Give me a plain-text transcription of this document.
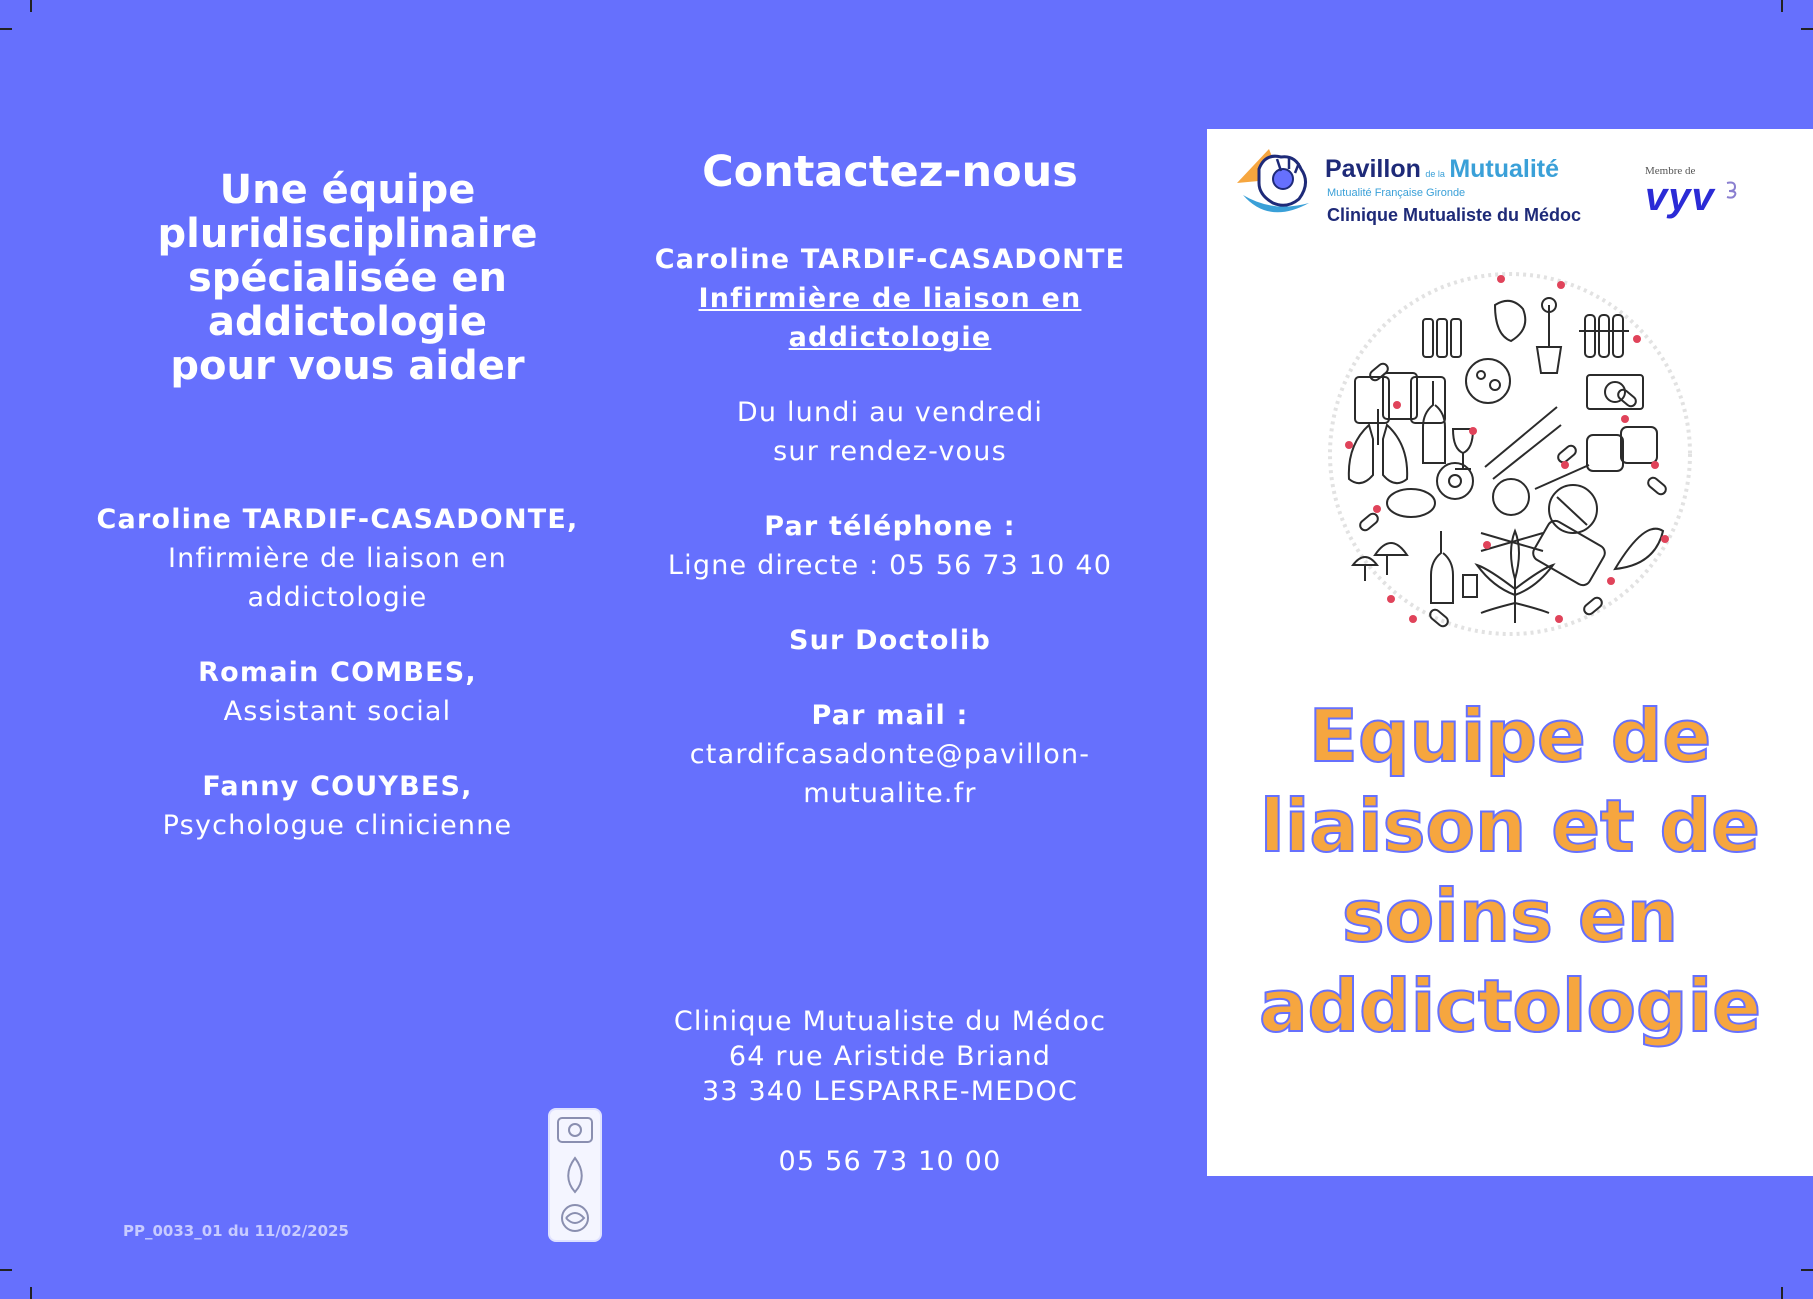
Une équipe
pluridisciplinaire
spécialisée en
addictologie
pour vous aider
Caroline TARDIF-CASADONTE,
Infirmière de liaison en
addictologie
Romain COMBES,
Assistant social
Fanny COUYBES,
Psychologue clinicienne
PP_0033_01 du 11/02/2025
Contactez-nous
Caroline TARDIF-CASADONTE
Infirmière de liaison en
addictologie
Du lundi au vendredi
sur rendez-vous
Par téléphone :
Ligne directe : 05 56 73 10 40
Sur Doctolib
Par mail :
ctardifcasadonte@pavillon-
mutualite.fr
Clinique Mutualiste du Médoc
64 rue Aristide Briand
33 340 LESPARRE-MEDOC
05 56 73 10 00
Pavillon de la Mutualité
Mutualité Française Gironde
Clinique Mutualiste du Médoc
Membre de
vyv
Equipe de
liaison et de
soins en
addictologie
